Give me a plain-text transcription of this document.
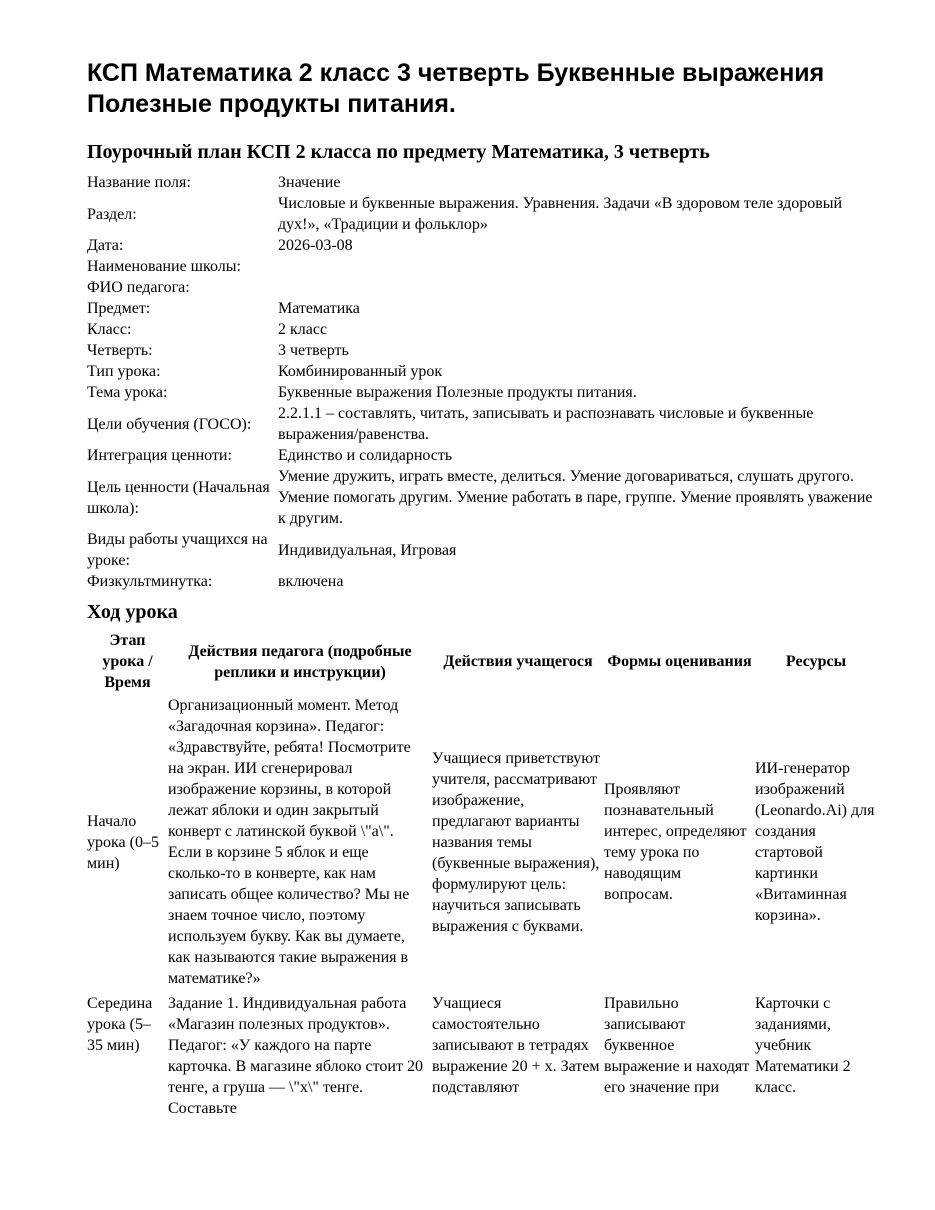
КСП Математика 2 класс 3 четверть Буквенные выражения Полезные продукты питания.
Поурочный план КСП 2 класса по предмету Математика, 3 четверть
Название поля:	Значение
Раздел:	Числовые и буквенные выражения. Уравнения. Задачи «В здоровом теле здоровый дух!», «Традиции и фольклор»
Дата:	2026-03-08
Наименование школы:	
ФИО педагога:	
Предмет:	Математика
Класс:	2 класс
Четверть:	3 четверть
Тип урока:	Комбинированный урок
Тема урока:	Буквенные выражения Полезные продукты питания.
Цели обучения (ГОСО):	2.2.1.1 – составлять, читать, записывать и распознавать числовые и буквенные выражения/равенства.
Интеграция ценноти:	Единство и солидарность
Цель ценности (Начальная школа):	Умение дружить, играть вместе, делиться. Умение договариваться, слушать другого. Умение помогать другим. Умение работать в паре, группе. Умение проявлять уважение к другим.
Виды работы учащихся на уроке:	Индивидуальная, Игровая
Физкультминутка:	включена
Ход урока
Этап урока / Время	Действия педагога (подробные реплики и инструкции)	Действия учащегося	Формы оценивания	Ресурсы
Начало урока (0–5 мин)	Организационный момент. Метод «Загадочная корзина». Педагог: «Здравствуйте, ребята! Посмотрите на экран. ИИ сгенерировал изображение корзины, в которой лежат яблоки и один закрытый конверт с латинской буквой \"a\". Если в корзине 5 яблок и еще сколько-то в конверте, как нам записать общее количество? Мы не знаем точное число, поэтому используем букву. Как вы думаете, как называются такие выражения в математике?»	Учащиеся приветствуют учителя, рассматривают изображение, предлагают варианты названия темы (буквенные выражения), формулируют цель: научиться записывать выражения с буквами.	Проявляют познавательный интерес, определяют тему урока по наводящим вопросам.	ИИ-генератор изображений (Leonardo.Ai) для создания стартовой картинки «Витаминная корзина».
Середина урока (5–35 мин)	Задание 1. Индивидуальная работа «Магазин полезных продуктов». Педагог: «У каждого на парте карточка. В магазине яблоко стоит 20 тенге, а груша — \"x\" тенге. Составьте	Учащиеся самостоятельно записывают в тетрадях выражение 20 + x. Затем подставляют	Правильно записывают буквенное выражение и находят его значение при	Карточки с заданиями, учебник Математики 2 класс.
